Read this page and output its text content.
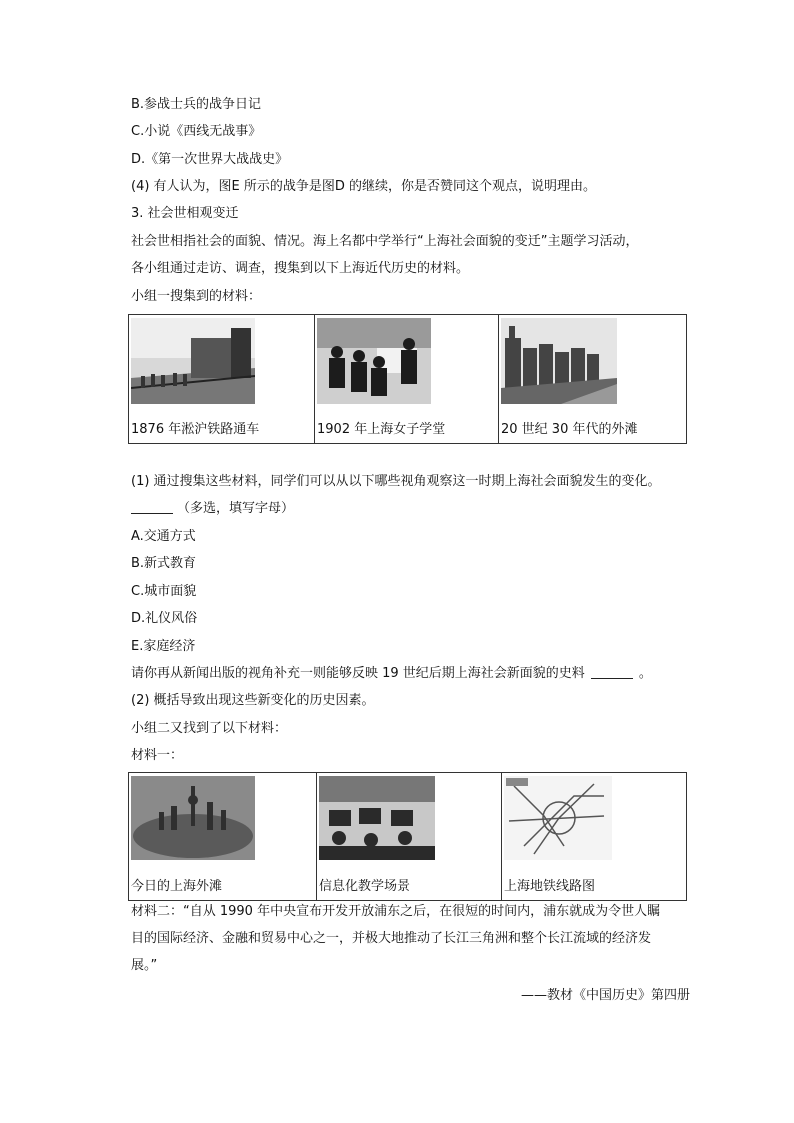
B.参战士兵的战争日记
C.小说《西线无战事》
D.《第一次世界大战战史》
(4) 有人认为，图E 所示的战争是图D 的继续，你是否赞同这个观点，说明理由。
3. 社会世相观变迁
社会世相指社会的面貌、情况。海上名都中学举行“上海社会面貌的变迁”主题学习活动，
各小组通过走访、调查，搜集到以下上海近代历史的材料。
小组一搜集到的材料：
1876 年淞沪铁路通车	1902 年上海女子学堂	20 世纪 30 年代的外滩
(1) 通过搜集这些材料，同学们可以从以下哪些视角观察这一时期上海社会面貌发生的变化。
（多选，填写字母）
A.交通方式
B.新式教育
C.城市面貌
D.礼仪风俗
E.家庭经济
请你再从新闻出版的视角补充一则能够反映 19 世纪后期上海社会新面貌的史料	。
(2) 概括导致出现这些新变化的历史因素。
小组二又找到了以下材料：
材料一：
今日的上海外滩	信息化教学场景	上海地铁线路图
材料二：“自从 1990 年中央宣布开发开放浦东之后，在很短的时间内，浦东就成为令世人瞩
目的国际经济、金融和贸易中心之一，并极大地推动了长江三角洲和整个长江流域的经济发
展。”
——教材《中国历史》第四册
